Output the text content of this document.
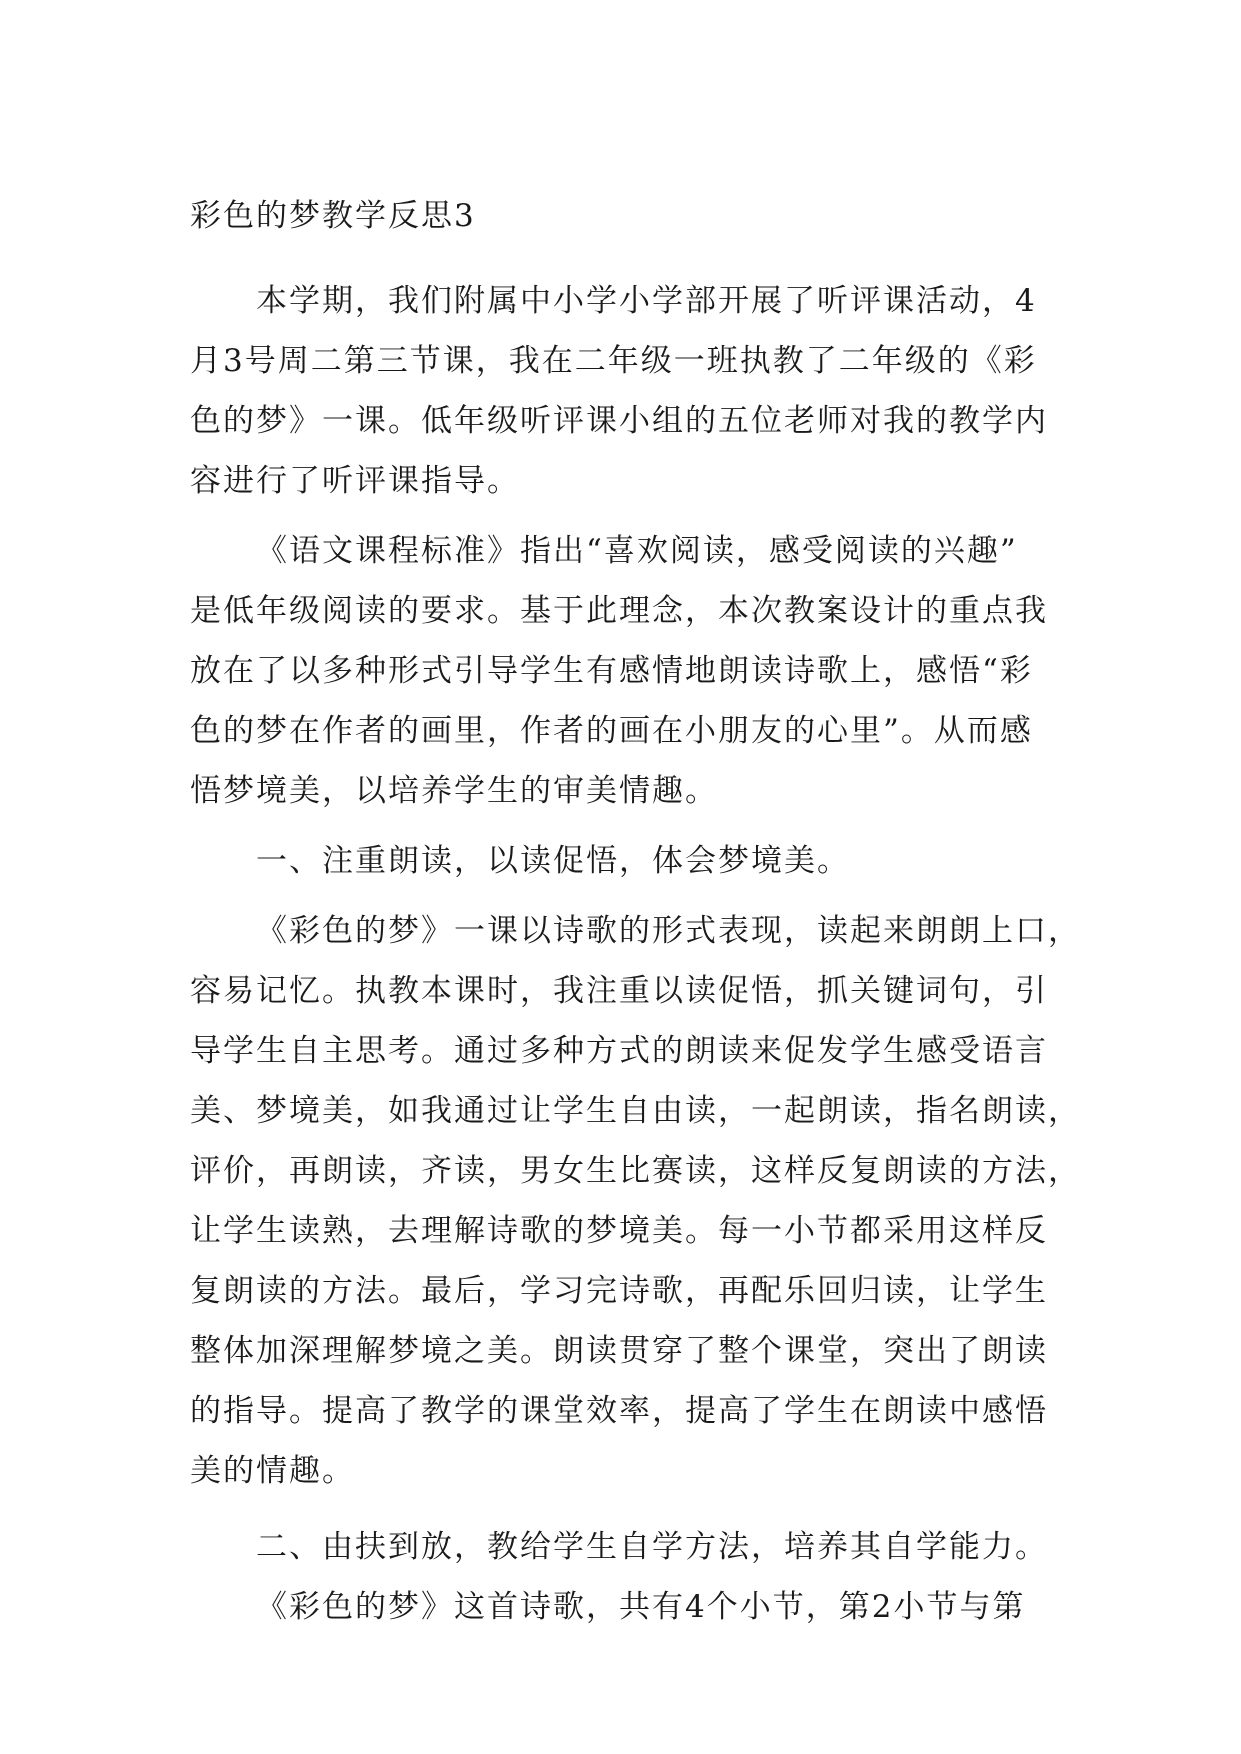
彩色的梦教学反思3
本学期，我们附属中小学小学部开展了听评课活动，4
月3号周二第三节课，我在二年级一班执教了二年级的《彩
色的梦》一课。低年级听评课小组的五位老师对我的教学内
容进行了听评课指导。
《语文课程标准》指出“喜欢阅读，感受阅读的兴趣”
是低年级阅读的要求。基于此理念，本次教案设计的重点我
放在了以多种形式引导学生有感情地朗读诗歌上，感悟“彩
色的梦在作者的画里，作者的画在小朋友的心里”。从而感
悟梦境美，以培养学生的审美情趣。
一、注重朗读，以读促悟，体会梦境美。
《彩色的梦》一课以诗歌的形式表现，读起来朗朗上口，
容易记忆。执教本课时，我注重以读促悟，抓关键词句，引
导学生自主思考。通过多种方式的朗读来促发学生感受语言
美、梦境美，如我通过让学生自由读，一起朗读，指名朗读，
评价，再朗读，齐读，男女生比赛读，这样反复朗读的方法，
让学生读熟，去理解诗歌的梦境美。每一小节都采用这样反
复朗读的方法。最后，学习完诗歌，再配乐回归读，让学生
整体加深理解梦境之美。朗读贯穿了整个课堂，突出了朗读
的指导。提高了教学的课堂效率，提高了学生在朗读中感悟
美的情趣。
二、由扶到放，教给学生自学方法，培养其自学能力。
《彩色的梦》这首诗歌，共有4个小节，第2小节与第
